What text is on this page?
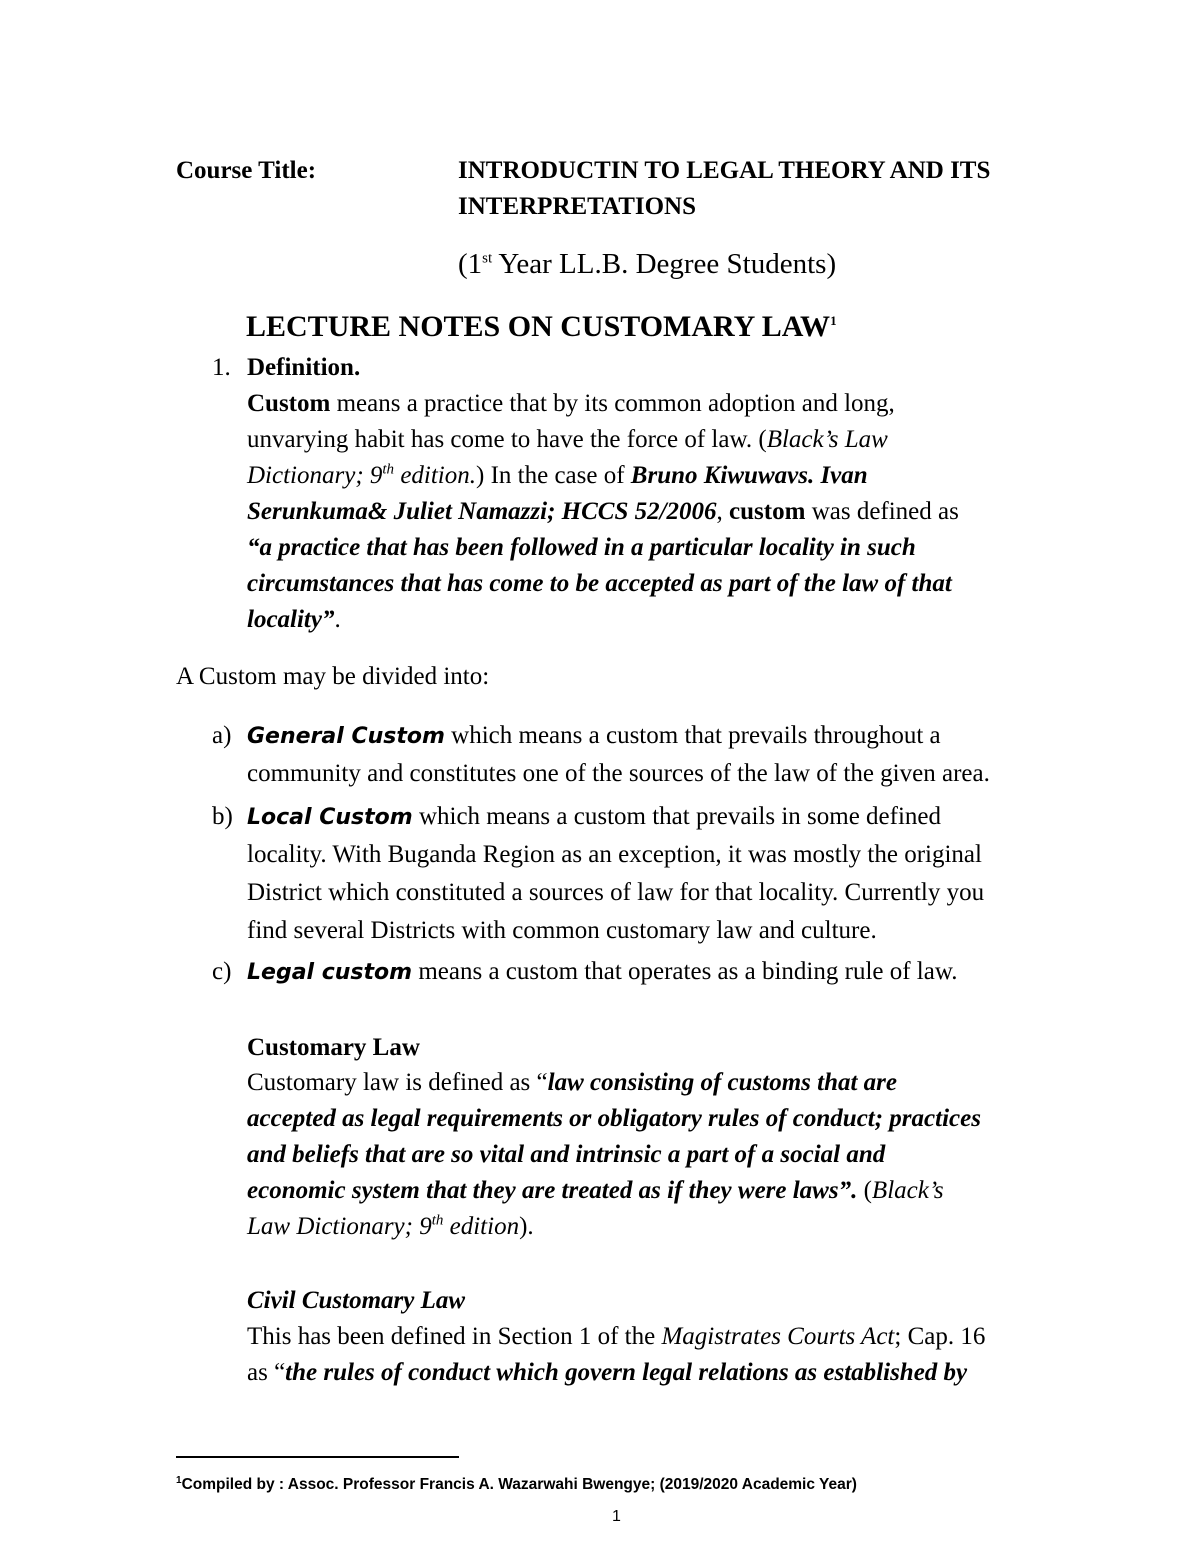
Course Title:	INTRODUCTIN TO LEGAL THEORY AND ITS
INTERPRETATIONS
(1st Year LL.B. Degree Students)
LECTURE NOTES ON CUSTOMARY LAW$^1$
1. Definition.
Custom means a practice that by its common adoption and long,
unvarying habit has come to have the force of law. (Black’s Law
Dictionary; 9th edition.) In the case of Bruno Kiwuwavs. Ivan
Serunkuma& Juliet Namazzi; HCCS 52/2006, custom was defined as
“a practice that has been followed in a particular locality in such
circumstances that has come to be accepted as part of the law of that
locality”.
A Custom may be divided into:
a) General Custom which means a custom that prevails throughout a
community and constitutes one of the sources of the law of the given area.
b) Local Custom which means a custom that prevails in some defined
locality. With Buganda Region as an exception, it was mostly the original
District which constituted a sources of law for that locality. Currently you
find several Districts with common customary law and culture.
c) Legal custom means a custom that operates as a binding rule of law.
Customary Law
Customary law is defined as “law consisting of customs that are
accepted as legal requirements or obligatory rules of conduct; practices
and beliefs that are so vital and intrinsic a part of a social and
economic system that they are treated as if they were laws”. (Black’s
Law Dictionary; 9th edition).
Civil Customary Law
This has been defined in Section 1 of the Magistrates Courts Act; Cap. 16
as “the rules of conduct which govern legal relations as established by
$^1$Compiled by : Assoc. Professor Francis A. Wazarwahi Bwengye; (2019/2020 Academic Year)
1
